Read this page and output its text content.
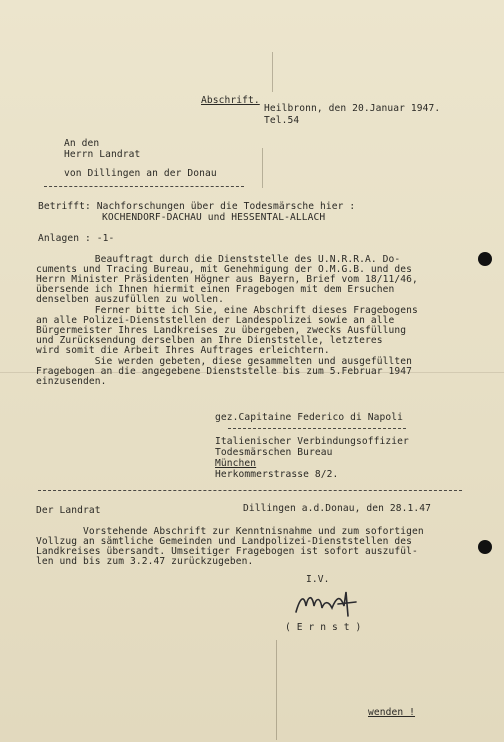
Abschrift.
Heilbronn, den 20.Januar 1947.
Tel.54
An den
Herrn Landrat
von Dillingen an der Donau
Betrifft: Nachforschungen über die Todesmärsche hier :
KOCHENDORF-DACHAU und HESSENTAL-ALLACH
Anlagen : -1-
Beauftragt durch die Dienststelle des U.N.R.R.A. Do-
cuments und Tracing Bureau, mit Genehmigung der O.M.G.B. und des
Herrn Minister Präsidenten Högner aus Bayern, Brief vom 18/11/46,
übersende ich Ihnen hiermit einen Fragebogen mit dem Ersuchen
denselben auszufüllen zu wollen.
Ferner bitte ich Sie, eine Abschrift dieses Fragebogens
an alle Polizei-Dienststellen der Landespolizei sowie an alle
Bürgermeister Ihres Landkreises zu übergeben, zwecks Ausfüllung
und Zurücksendung derselben an Ihre Dienststelle, letzteres
wird somit die Arbeit Ihres Auftrages erleichtern.
Sie werden gebeten, diese gesammelten und ausgefüllten
Fragebogen an die angegebene Dienststelle bis zum 5.Februar 1947
einzusenden.
gez.Capitaine Federico di Napoli
Italienischer Verbindungsoffizier
Todesmärschen Bureau
München
Herkommerstrasse 8/2.
Der Landrat	Dillingen a.d.Donau, den 28.1.47
Vorstehende Abschrift zur Kenntnisnahme und zum sofortigen
Vollzug an sämtliche Gemeinden und Landpolizei-Dienststellen des
Landkreises übersandt. Umseitiger Fragebogen ist sofort auszufül-
len und bis zum 3.2.47 zurückzugeben.
I.V.
( E r n s t )
wenden !
